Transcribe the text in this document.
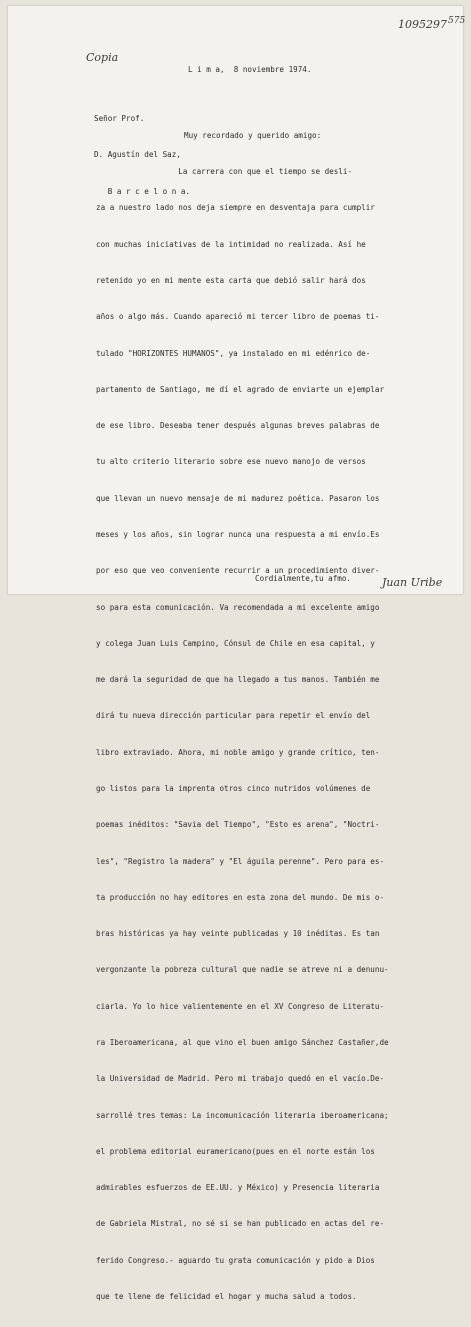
1095297 575
Copia
L i m a,  8 noviembre 1974.

Señor Prof.

D. Agustín del Saz,

B a r c e l o n a.

Muy recordado y querido amigo:

La carrera con que el tiempo se desli-

za a nuestro lado nos deja siempre en desventaja para cumplir

con muchas iniciativas de la intimidad no realizada. Así he

retenido yo en mi mente esta carta que debió salir hará dos

años o algo más. Cuando apareció mi tercer libro de poemas ti-

tulado "HORIZONTES HUMANOS", ya instalado en mi edénrico de-

partamento de Santiago, me dí el agrado de enviarte un ejemplar

de ese libro. Deseaba tener después algunas breves palabras de

tu alto criterio literario sobre ese nuevo manojo de versos

que llevan un nuevo mensaje de mi madurez poética. Pasaron los

meses y los años, sin lograr nunca una respuesta a mi envío.Es

por eso que veo conveniente recurrir a un procedimiento diver-

so para esta comunicación. Va recomendada a mi excelente amigo

y colega Juan Luis Campino, Cónsul de Chile en esa capital, y

me dará la seguridad de que ha llegado a tus manos. También me

dirá tu nueva dirección particular para repetir el envío del

libro extraviado. Ahora, mi noble amigo y grande crítico, ten-

go listos para la imprenta otros cinco nutridos volúmenes de

poemas inéditos: "Savia del Tiempo", "Esto es arena", "Noctri-

les", "Registro la madera" y "El águila perenne". Pero para es-

ta producción no hay editores en esta zona del mundo. De mis o-

bras históricas ya hay veinte publicadas y 10 inéditas. Es tan

vergonzante la pobreza cultural que nadie se atreve ni a denunu-

ciarla. Yo lo hice valientemente en el XV Congreso de Literatu-

ra Iberoamericana, al que vino el buen amigo Sánchez Castañer,de

la Universidad de Madrid. Pero mi trabajo quedó en el vacío.De-

sarrollé tres temas: La incomunicación literaria iberoamericana;

el problema editorial euramericano(pues en el norte están los

admirables esfuerzos de EE.UU. y México) y Presencia literaria

de Gabriela Mistral, no sé si se han publicado en actas del re-

ferido Congreso.- aguardo tu grata comunicación y pido a Dios

que te llene de felicidad el hogar y mucha salud a todos.

Cordialmente,tu afmo.	Juan Uribe
